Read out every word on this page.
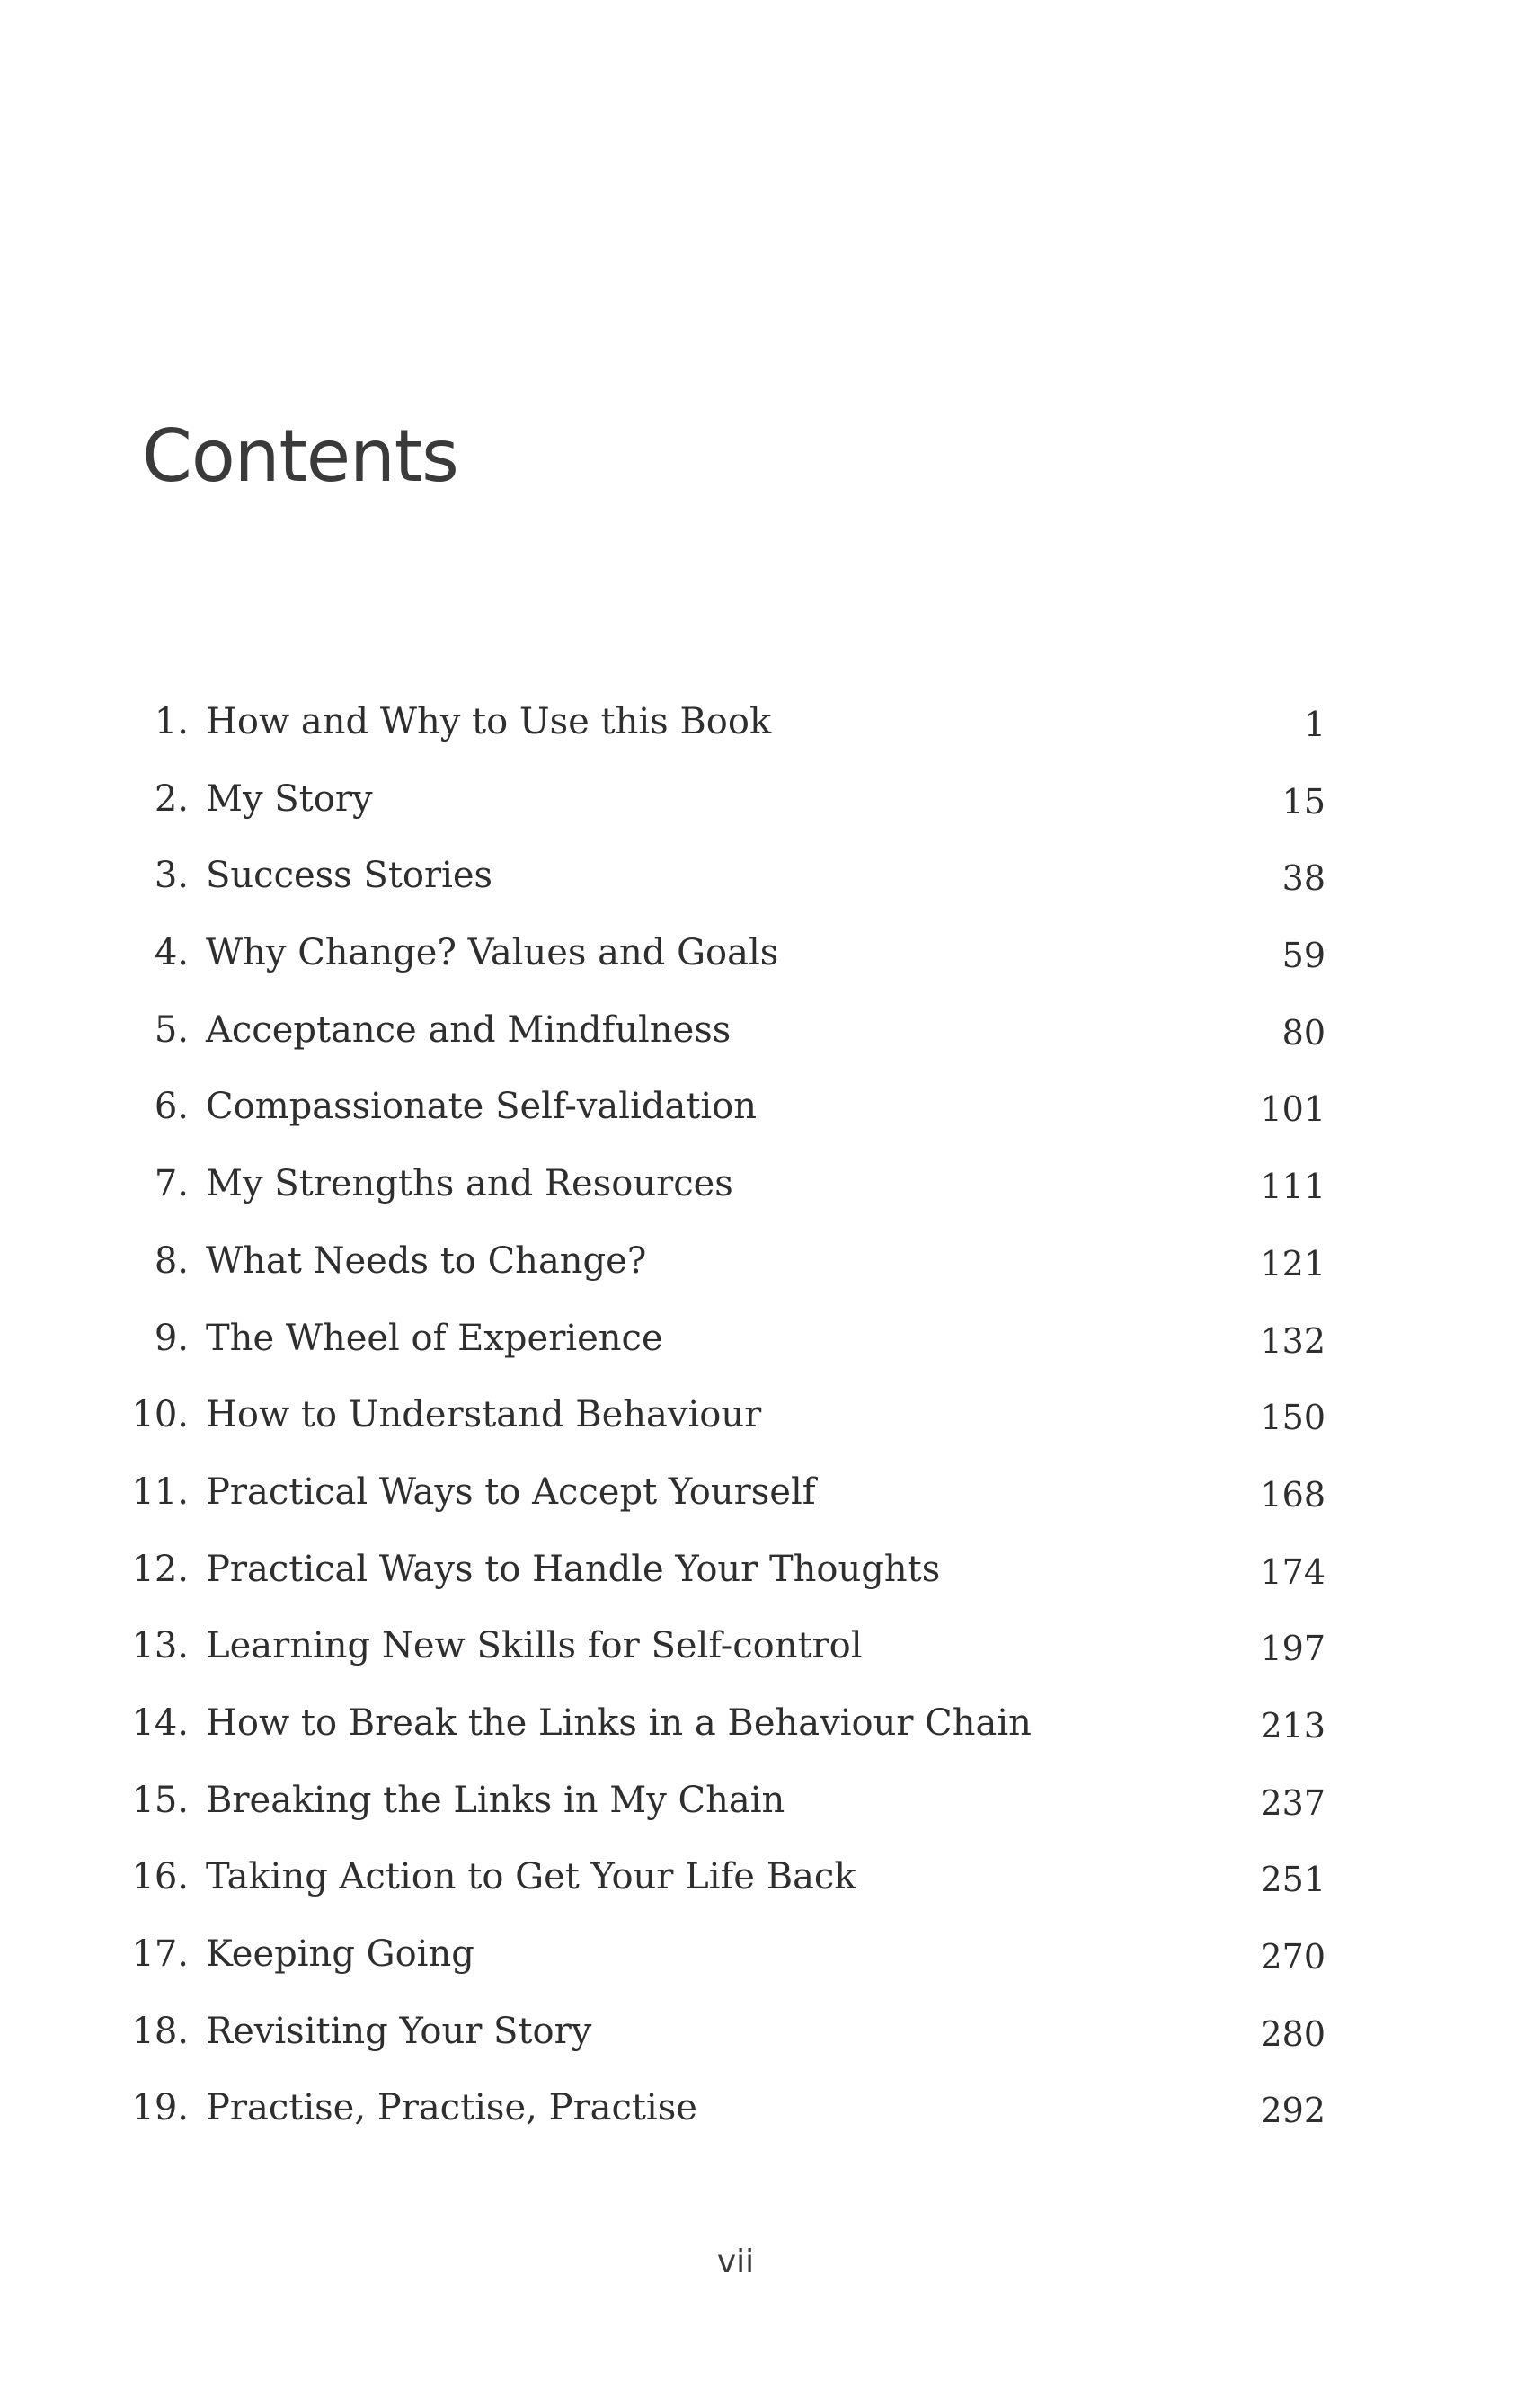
Contents
1. How and Why to Use this Book	1
2. My Story	15
3. Success Stories	38
4. Why Change? Values and Goals	59
5. Acceptance and Mindfulness	80
6. Compassionate Self-validation	101
7. My Strengths and Resources	111
8. What Needs to Change?	121
9. The Wheel of Experience	132
10. How to Understand Behaviour	150
11. Practical Ways to Accept Yourself	168
12. Practical Ways to Handle Your Thoughts	174
13. Learning New Skills for Self-control	197
14. How to Break the Links in a Behaviour Chain	213
15. Breaking the Links in My Chain	237
16. Taking Action to Get Your Life Back	251
17. Keeping Going	270
18. Revisiting Your Story	280
19. Practise, Practise, Practise	292
vii
